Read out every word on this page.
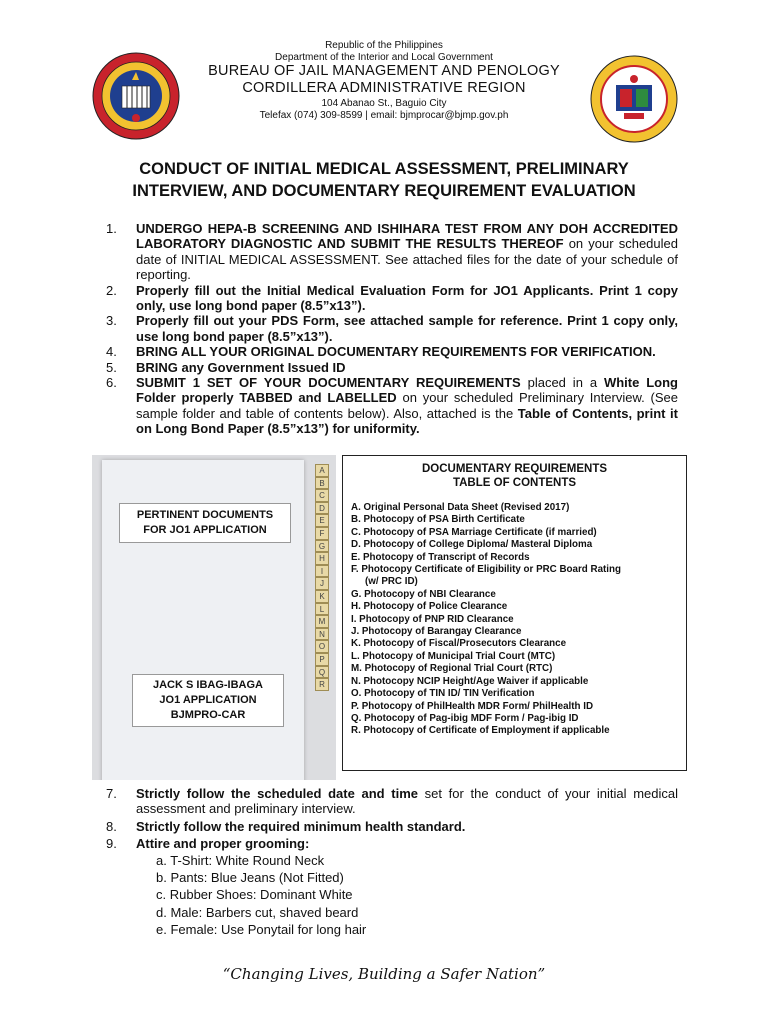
Republic of the Philippines
Department of the Interior and Local Government
BUREAU OF JAIL MANAGEMENT AND PENOLOGY
CORDILLERA ADMINISTRATIVE REGION
104 Abanao St., Baguio City
Telefax (074) 309-8599 | email: bjmprocar@bjmp.gov.ph
CONDUCT OF INITIAL MEDICAL ASSESSMENT, PRELIMINARY
INTERVIEW, AND DOCUMENTARY REQUIREMENT EVALUATION
1. UNDERGO HEPA-B SCREENING AND ISHIHARA TEST FROM ANY DOH ACCREDITED LABORATORY DIAGNOSTIC AND SUBMIT THE RESULTS THEREOF on your scheduled date of INITIAL MEDICAL ASSESSMENT. See attached files for the date of your schedule of reporting.
2. Properly fill out the Initial Medical Evaluation Form for JO1 Applicants. Print 1 copy only, use long bond paper (8.5”x13”).
3. Properly fill out your PDS Form, see attached sample for reference. Print 1 copy only, use long bond paper (8.5”x13”).
4. BRING ALL YOUR ORIGINAL DOCUMENTARY REQUIREMENTS FOR VERIFICATION.
5. BRING any Government Issued ID
6. SUBMIT 1 SET OF YOUR DOCUMENTARY REQUIREMENTS placed in a White Long Folder properly TABBED and LABELLED on your scheduled Preliminary Interview. (See sample folder and table of contents below). Also, attached is the Table of Contents, print it on Long Bond Paper (8.5”x13”) for uniformity.
PERTINENT DOCUMENTS
FOR JO1 APPLICATION
JACK S IBAG-IBAGA
JO1 APPLICATION
BJMPRO-CAR
A
B
C
D
E
F
G
H
I
J
K
L
M
N
O
P
Q
R
DOCUMENTARY REQUIREMENTS
TABLE OF CONTENTS
A. Original Personal Data Sheet (Revised 2017)
B. Photocopy of PSA Birth Certificate
C. Photocopy of PSA Marriage Certificate (if married)
D. Photocopy of College Diploma/ Masteral Diploma
E. Photocopy of Transcript of Records
F. Photocopy Certificate of Eligibility or PRC Board Rating
(w/ PRC ID)
G. Photocopy of NBI Clearance
H. Photocopy of Police Clearance
I. Photocopy of PNP RID Clearance
J. Photocopy of Barangay Clearance
K. Photocopy of Fiscal/Prosecutors Clearance
L. Photocopy of Municipal Trial Court (MTC)
M. Photocopy of Regional Trial Court (RTC)
N. Photocopy NCIP Height/Age Waiver if applicable
O. Photocopy of TIN ID/ TIN Verification
P. Photocopy of PhilHealth MDR Form/ PhilHealth ID
Q. Photocopy of Pag-ibig MDF Form / Pag-ibig ID
R. Photocopy of Certificate of Employment if applicable
7. Strictly follow the scheduled date and time set for the conduct of your initial medical assessment and preliminary interview.
8. Strictly follow the required minimum health standard.
9. Attire and proper grooming:
a. T-Shirt: White Round Neck
b. Pants: Blue Jeans (Not Fitted)
c. Rubber Shoes: Dominant White
d. Male: Barbers cut, shaved beard
e. Female: Use Ponytail for long hair
“Changing Lives, Building a Safer Nation”
